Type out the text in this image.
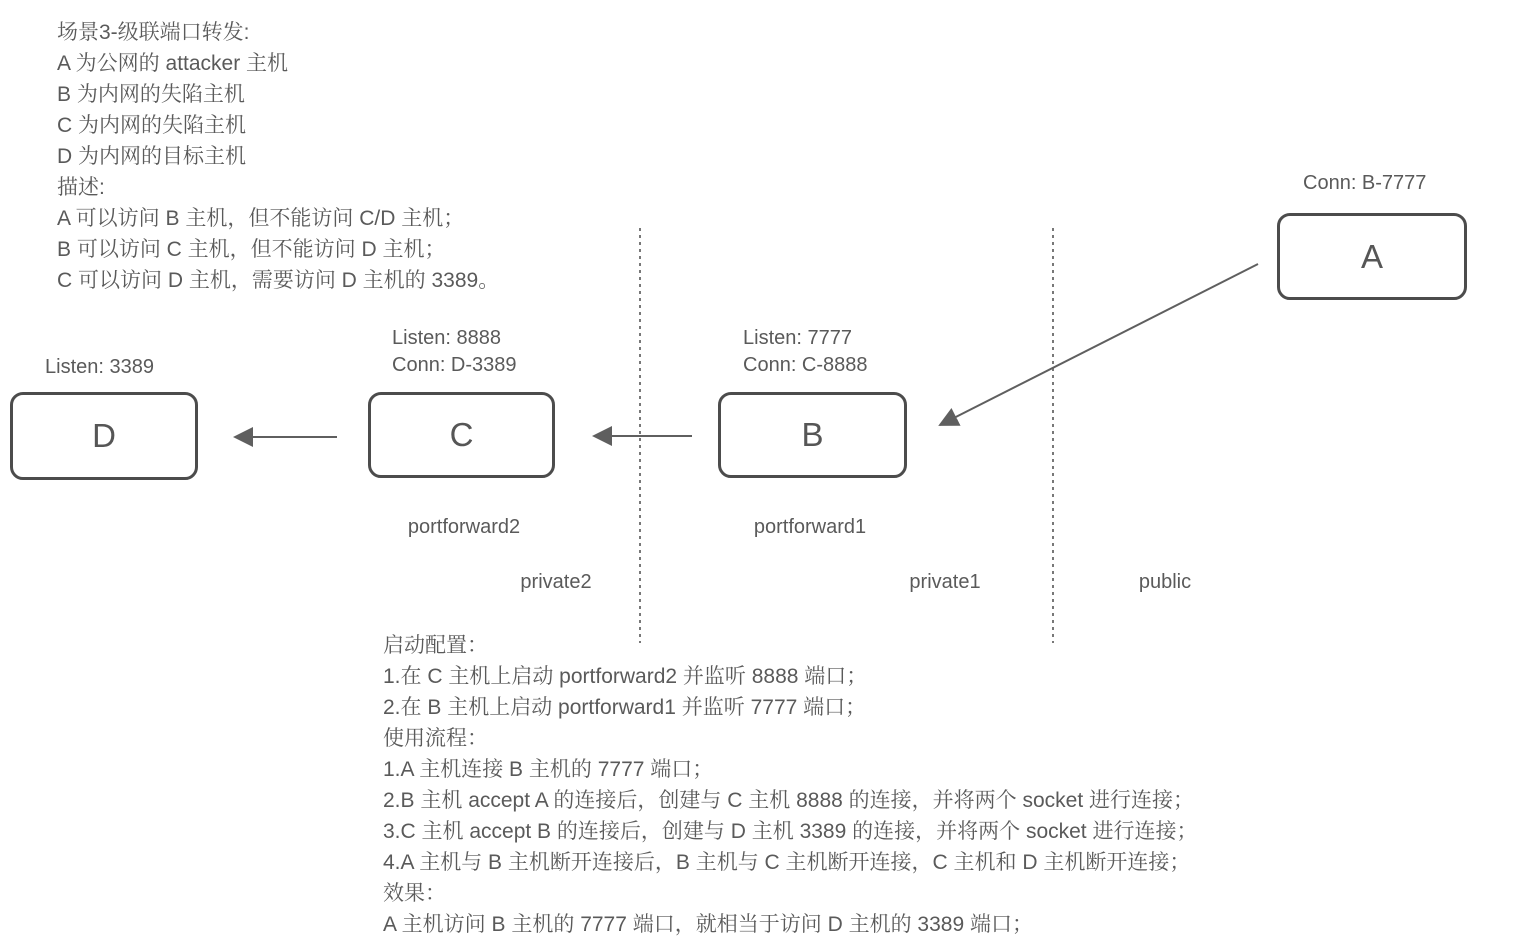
场景3-级联端口转发:
A 为公网的 attacker 主机
B 为内网的失陷主机
C 为内网的失陷主机
D 为内网的目标主机
描述:
A 可以访问 B 主机，但不能访问 C/D 主机；
B 可以访问 C 主机，但不能访问 D 主机；
C 可以访问 D 主机，需要访问 D 主机的 3389。
Conn: B-7777
A
Listen: 7777
Conn: C-8888
B
portforward1
Listen: 8888
Conn: D-3389
C
portforward2
Listen: 3389
D
private2	private1	public
启动配置：
1.在 C 主机上启动 portforward2 并监听 8888 端口；
2.在 B 主机上启动 portforward1 并监听 7777 端口；
使用流程：
1.A 主机连接 B 主机的 7777 端口；
2.B 主机 accept A 的连接后，创建与 C 主机 8888 的连接，并将两个 socket 进行连接；
3.C 主机 accept B 的连接后，创建与 D 主机 3389 的连接，并将两个 socket 进行连接；
4.A 主机与 B 主机断开连接后，B 主机与 C 主机断开连接，C 主机和 D 主机断开连接；
效果：
A 主机访问 B 主机的 7777 端口，就相当于访问 D 主机的 3389 端口；
